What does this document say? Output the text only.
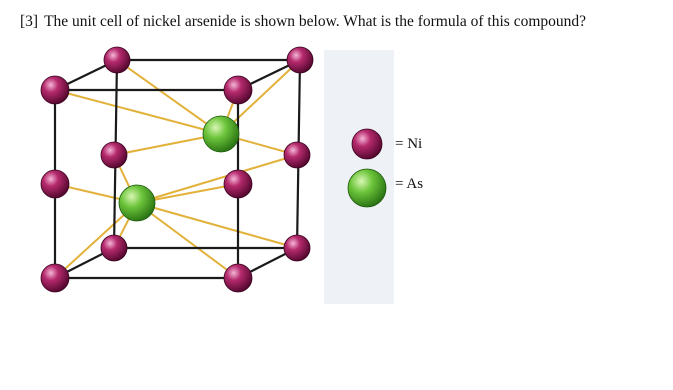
[3] The unit cell of nickel arsenide is shown below. What is the formula of this compound?
= Ni
= As
